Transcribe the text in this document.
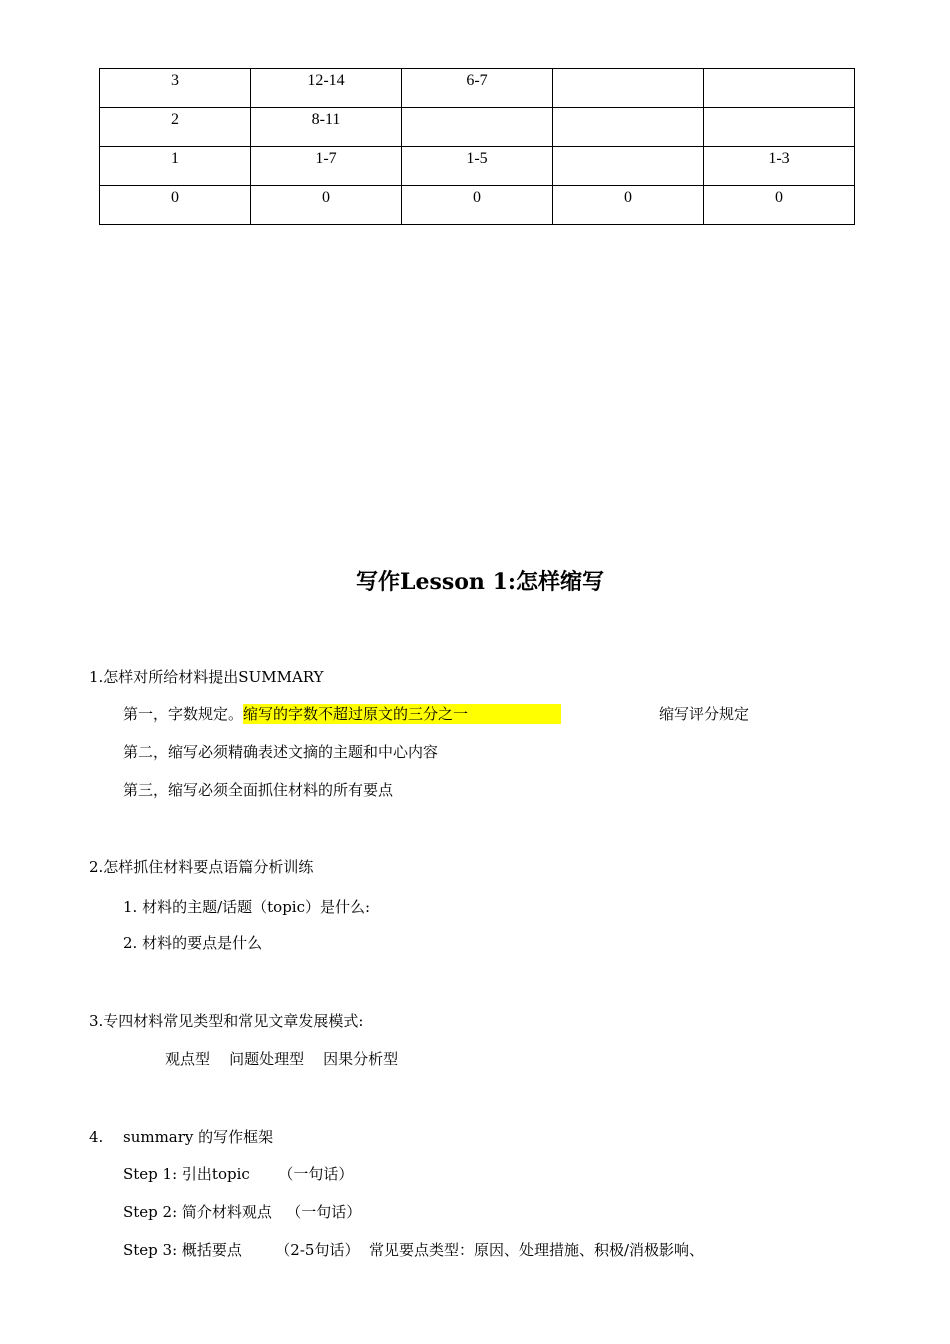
3	12-14	6-7		
2	8-11			
1	1-7	1-5		1-3
0	0	0	0	0
写作Lesson 1:怎样缩写
1.怎样对所给材料提出SUMMARY
第一，字数规定。缩写的字数不超过原文的三分之一	缩写评分规定
第二，缩写必须精确表述文摘的主题和中心内容
第三，缩写必须全面抓住材料的所有要点
2.怎样抓住材料要点语篇分析训练
1. 材料的主题/话题（topic）是什么:
2. 材料的要点是什么
3.专四材料常见类型和常见文章发展模式:
观点型    问题处理型    因果分析型
4. summary 的写作框架
Step 1: 引出topic      （一句话）
Step 2: 简介材料观点   （一句话）
Step 3: 概括要点       （2-5句话）  常见要点类型：原因、处理措施、积极/消极影响、
